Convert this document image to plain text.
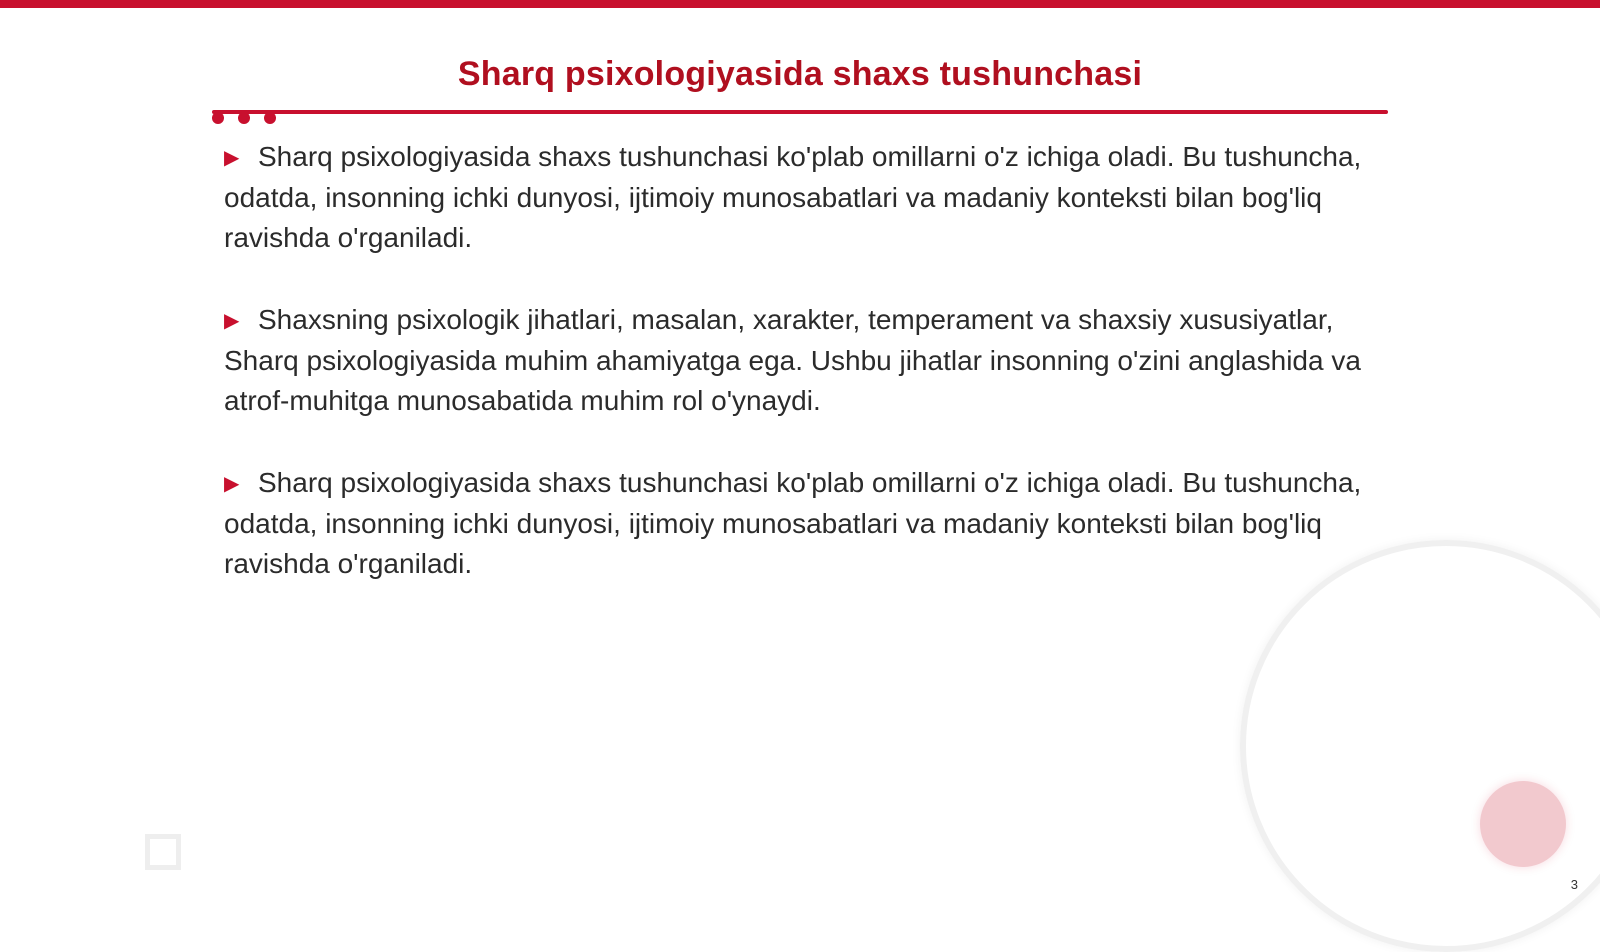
Sharq psixologiyasida shaxs tushunchasi

▶ Sharq psixologiyasida shaxs tushunchasi ko'plab omillarni o'z ichiga oladi. Bu tushuncha, odatda, insonning ichki dunyosi, ijtimoiy munosabatlari va madaniy konteksti bilan bog'liq ravishda o'rganiladi.

▶ Shaxsning psixologik jihatlari, masalan, xarakter, temperament va shaxsiy xususiyatlar, Sharq psixologiyasida muhim ahamiyatga ega. Ushbu jihatlar insonning o'zini anglashida va atrof-muhitga munosabatida muhim rol o'ynaydi.

▶ Sharq psixologiyasida shaxs tushunchasi ko'plab omillarni o'z ichiga oladi. Bu tushuncha, odatda, insonning ichki dunyosi, ijtimoiy munosabatlari va madaniy konteksti bilan bog'liq ravishda o'rganiladi.

3
